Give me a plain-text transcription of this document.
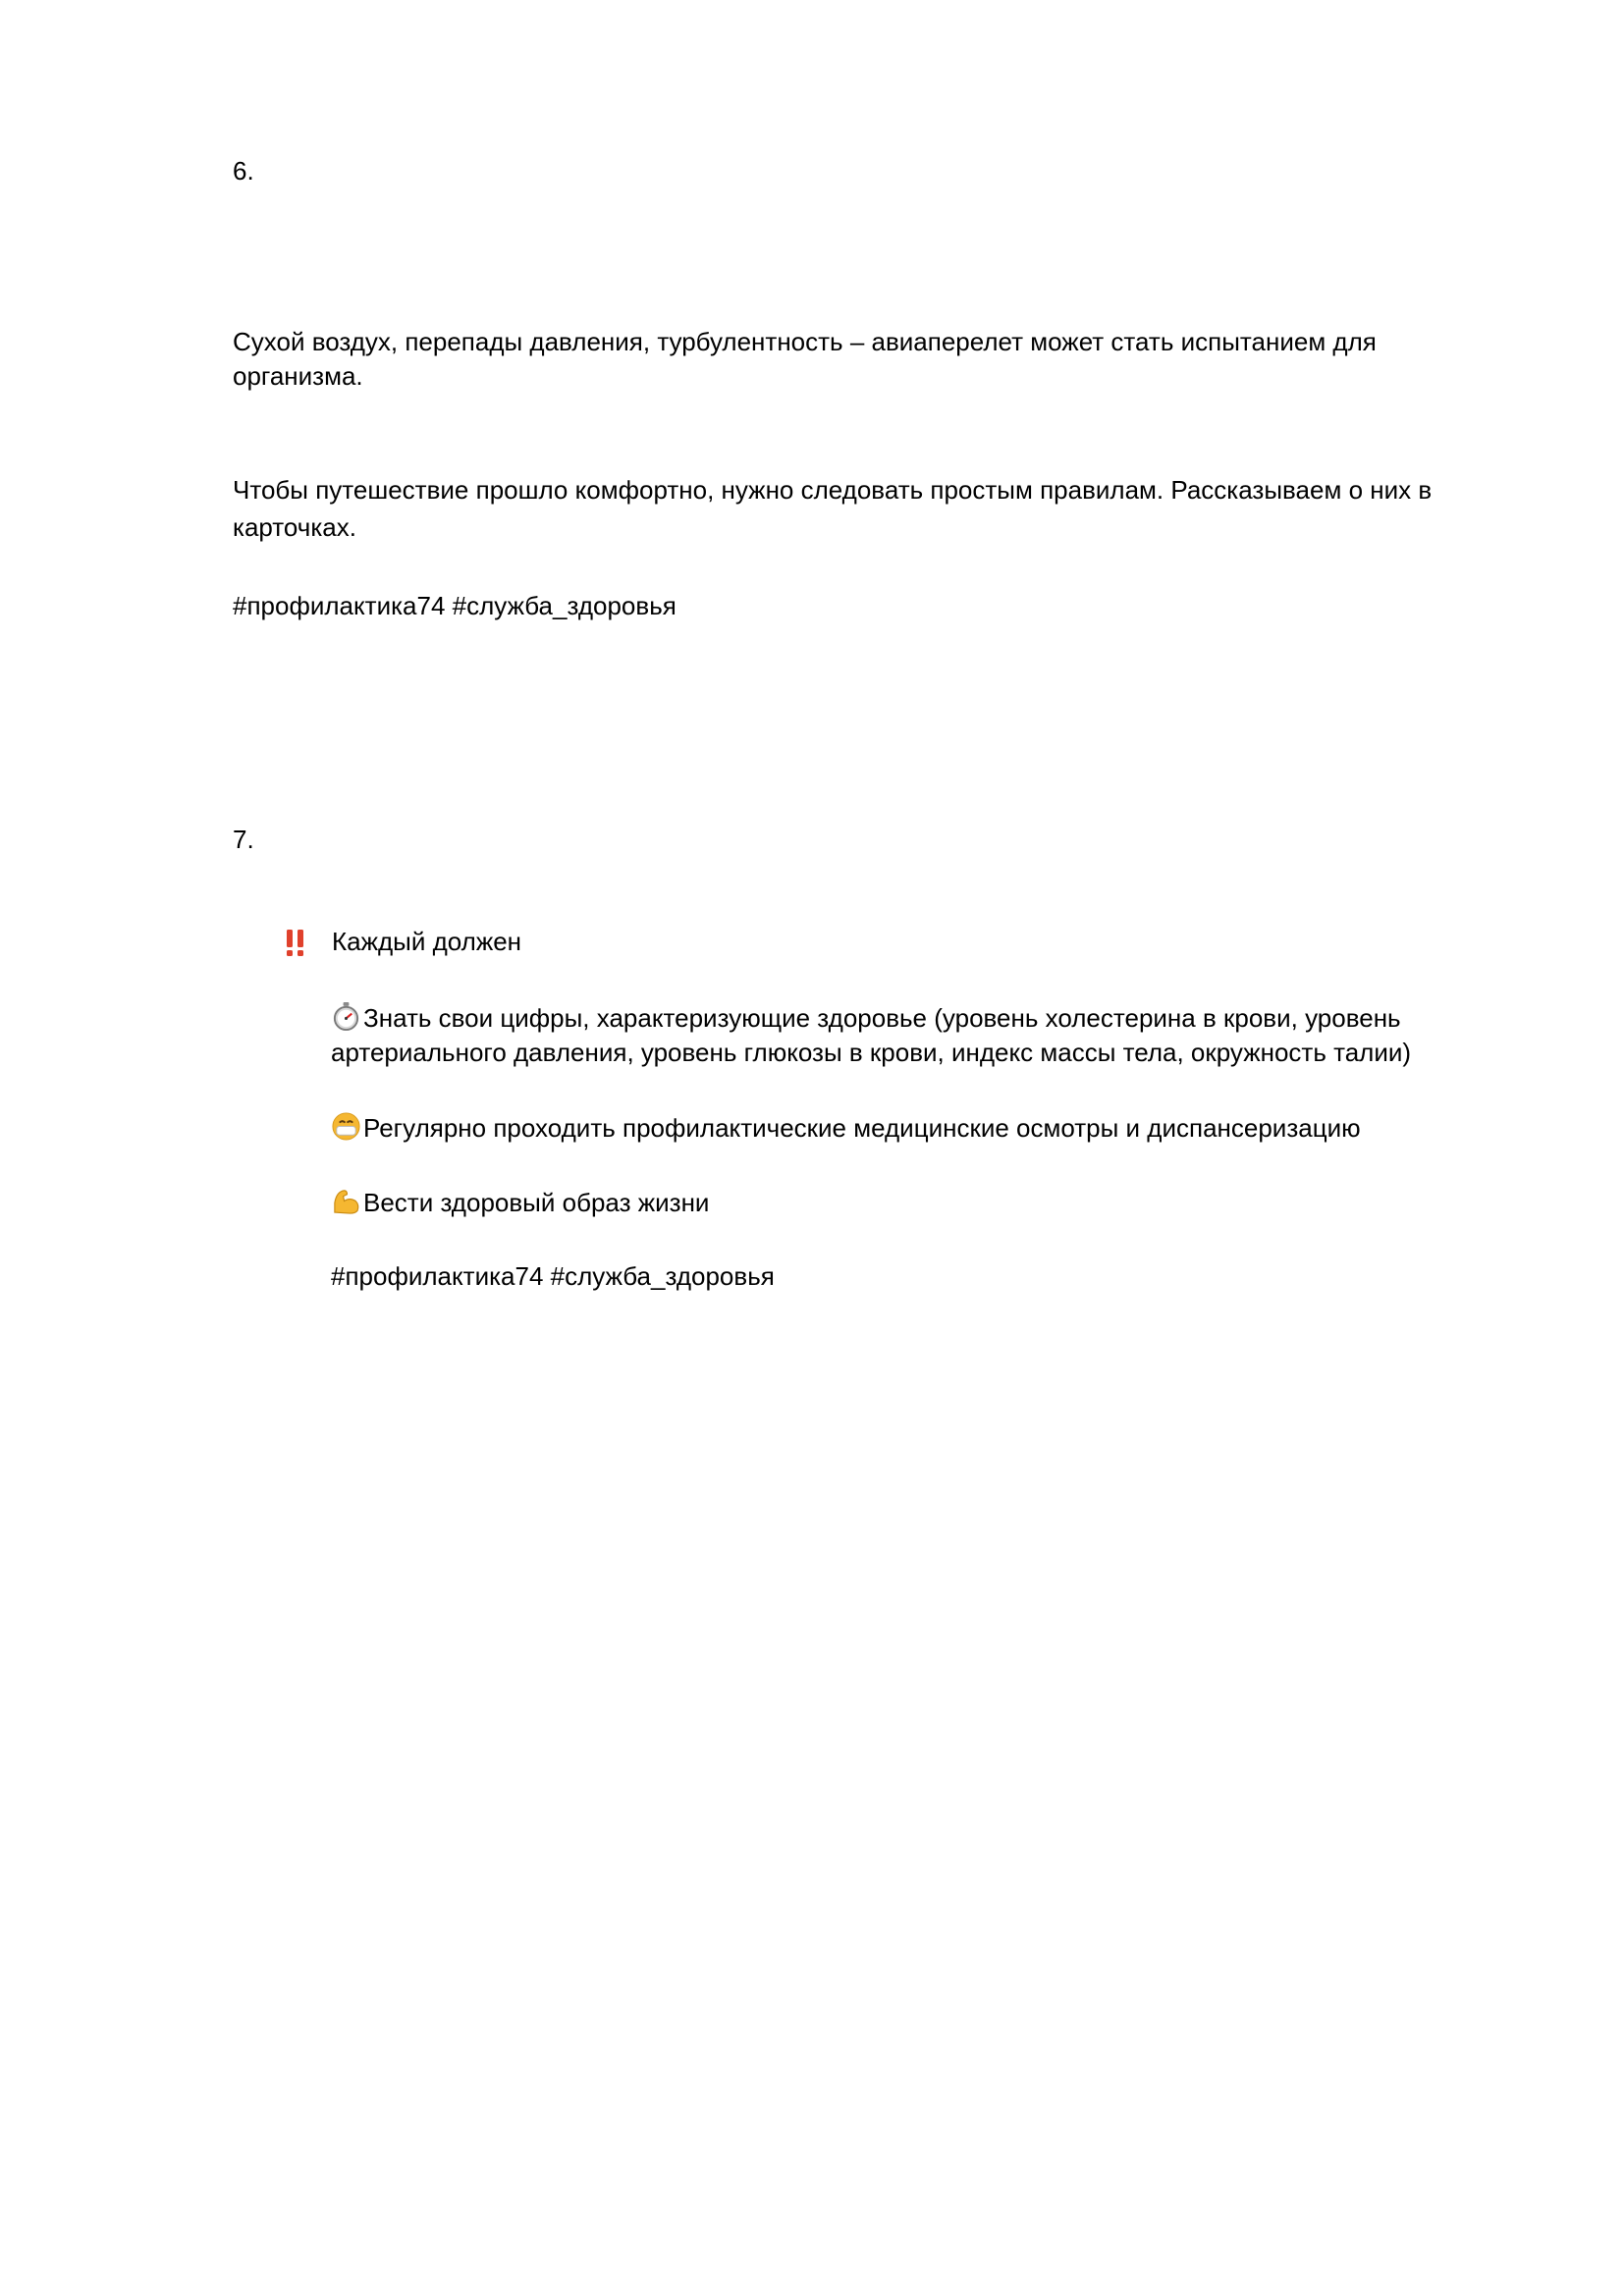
6.
Сухой воздух, перепады давления, турбулентность – авиаперелет может стать испытанием для организма.
Чтобы путешествие прошло комфортно, нужно следовать простым правилам. Рассказываем о них в карточках.
#профилактика74 #служба_здоровья
7.
Каждый должен
Знать свои цифры, характеризующие здоровье (уровень холестерина в крови, уровень артериального давления, уровень глюкозы в крови, индекс массы тела, окружность талии)
Регулярно проходить профилактические медицинские осмотры и диспансеризацию
Вести здоровый образ жизни
#профилактика74 #служба_здоровья
